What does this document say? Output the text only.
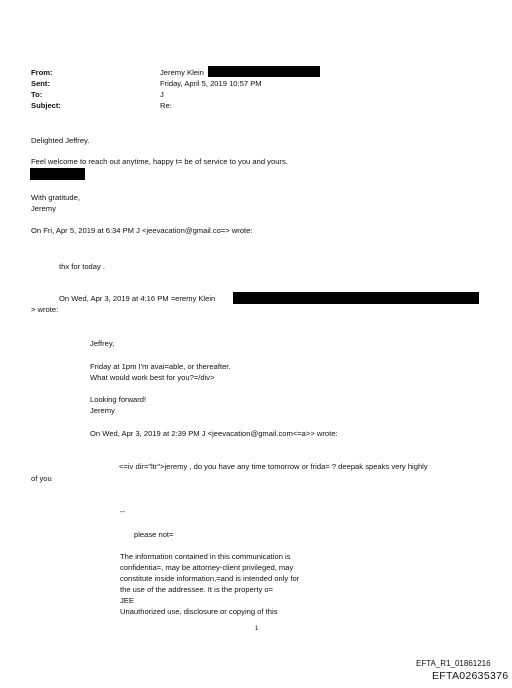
From:
Sent:
To:
Subject:
Jeremy Klein
Friday, April 5, 2019 10:57 PM
J
Re:
Delighted Jeffrey.
Feel welcome to reach out anytime, happy t= be of service to you and yours.
With gratitude,
Jeremy
On Fri, Apr 5, 2019 at 6:34 PM J <jeevacation@gmail.co=> wrote:
thx for today .
On Wed, Apr 3, 2019 at 4:16 PM =eremy Klein
> wrote:
Jeffrey,
Friday at 1pm I'm avai=able, or thereafter.
What would work best for you?=/div>
Looking forward!
Jeremy
On Wed, Apr 3, 2019 at 2:39 PM J <jeevacation@gmail.com<=a>> wrote:
<=iv dir="ltr">jeremy , do you have any time tomorrow or frida= ? deepak speaks very highly
of you
--
please not=
The information contained in this communication is
confidentia=, may be attorney-client privileged, may
constitute inside information,=and is intended only for
the use of the addressee. It is the property o=
JEE
Unauthorized use, disclosure or copying of this
1
EFTA_R1_01861216
EFTA02635376
